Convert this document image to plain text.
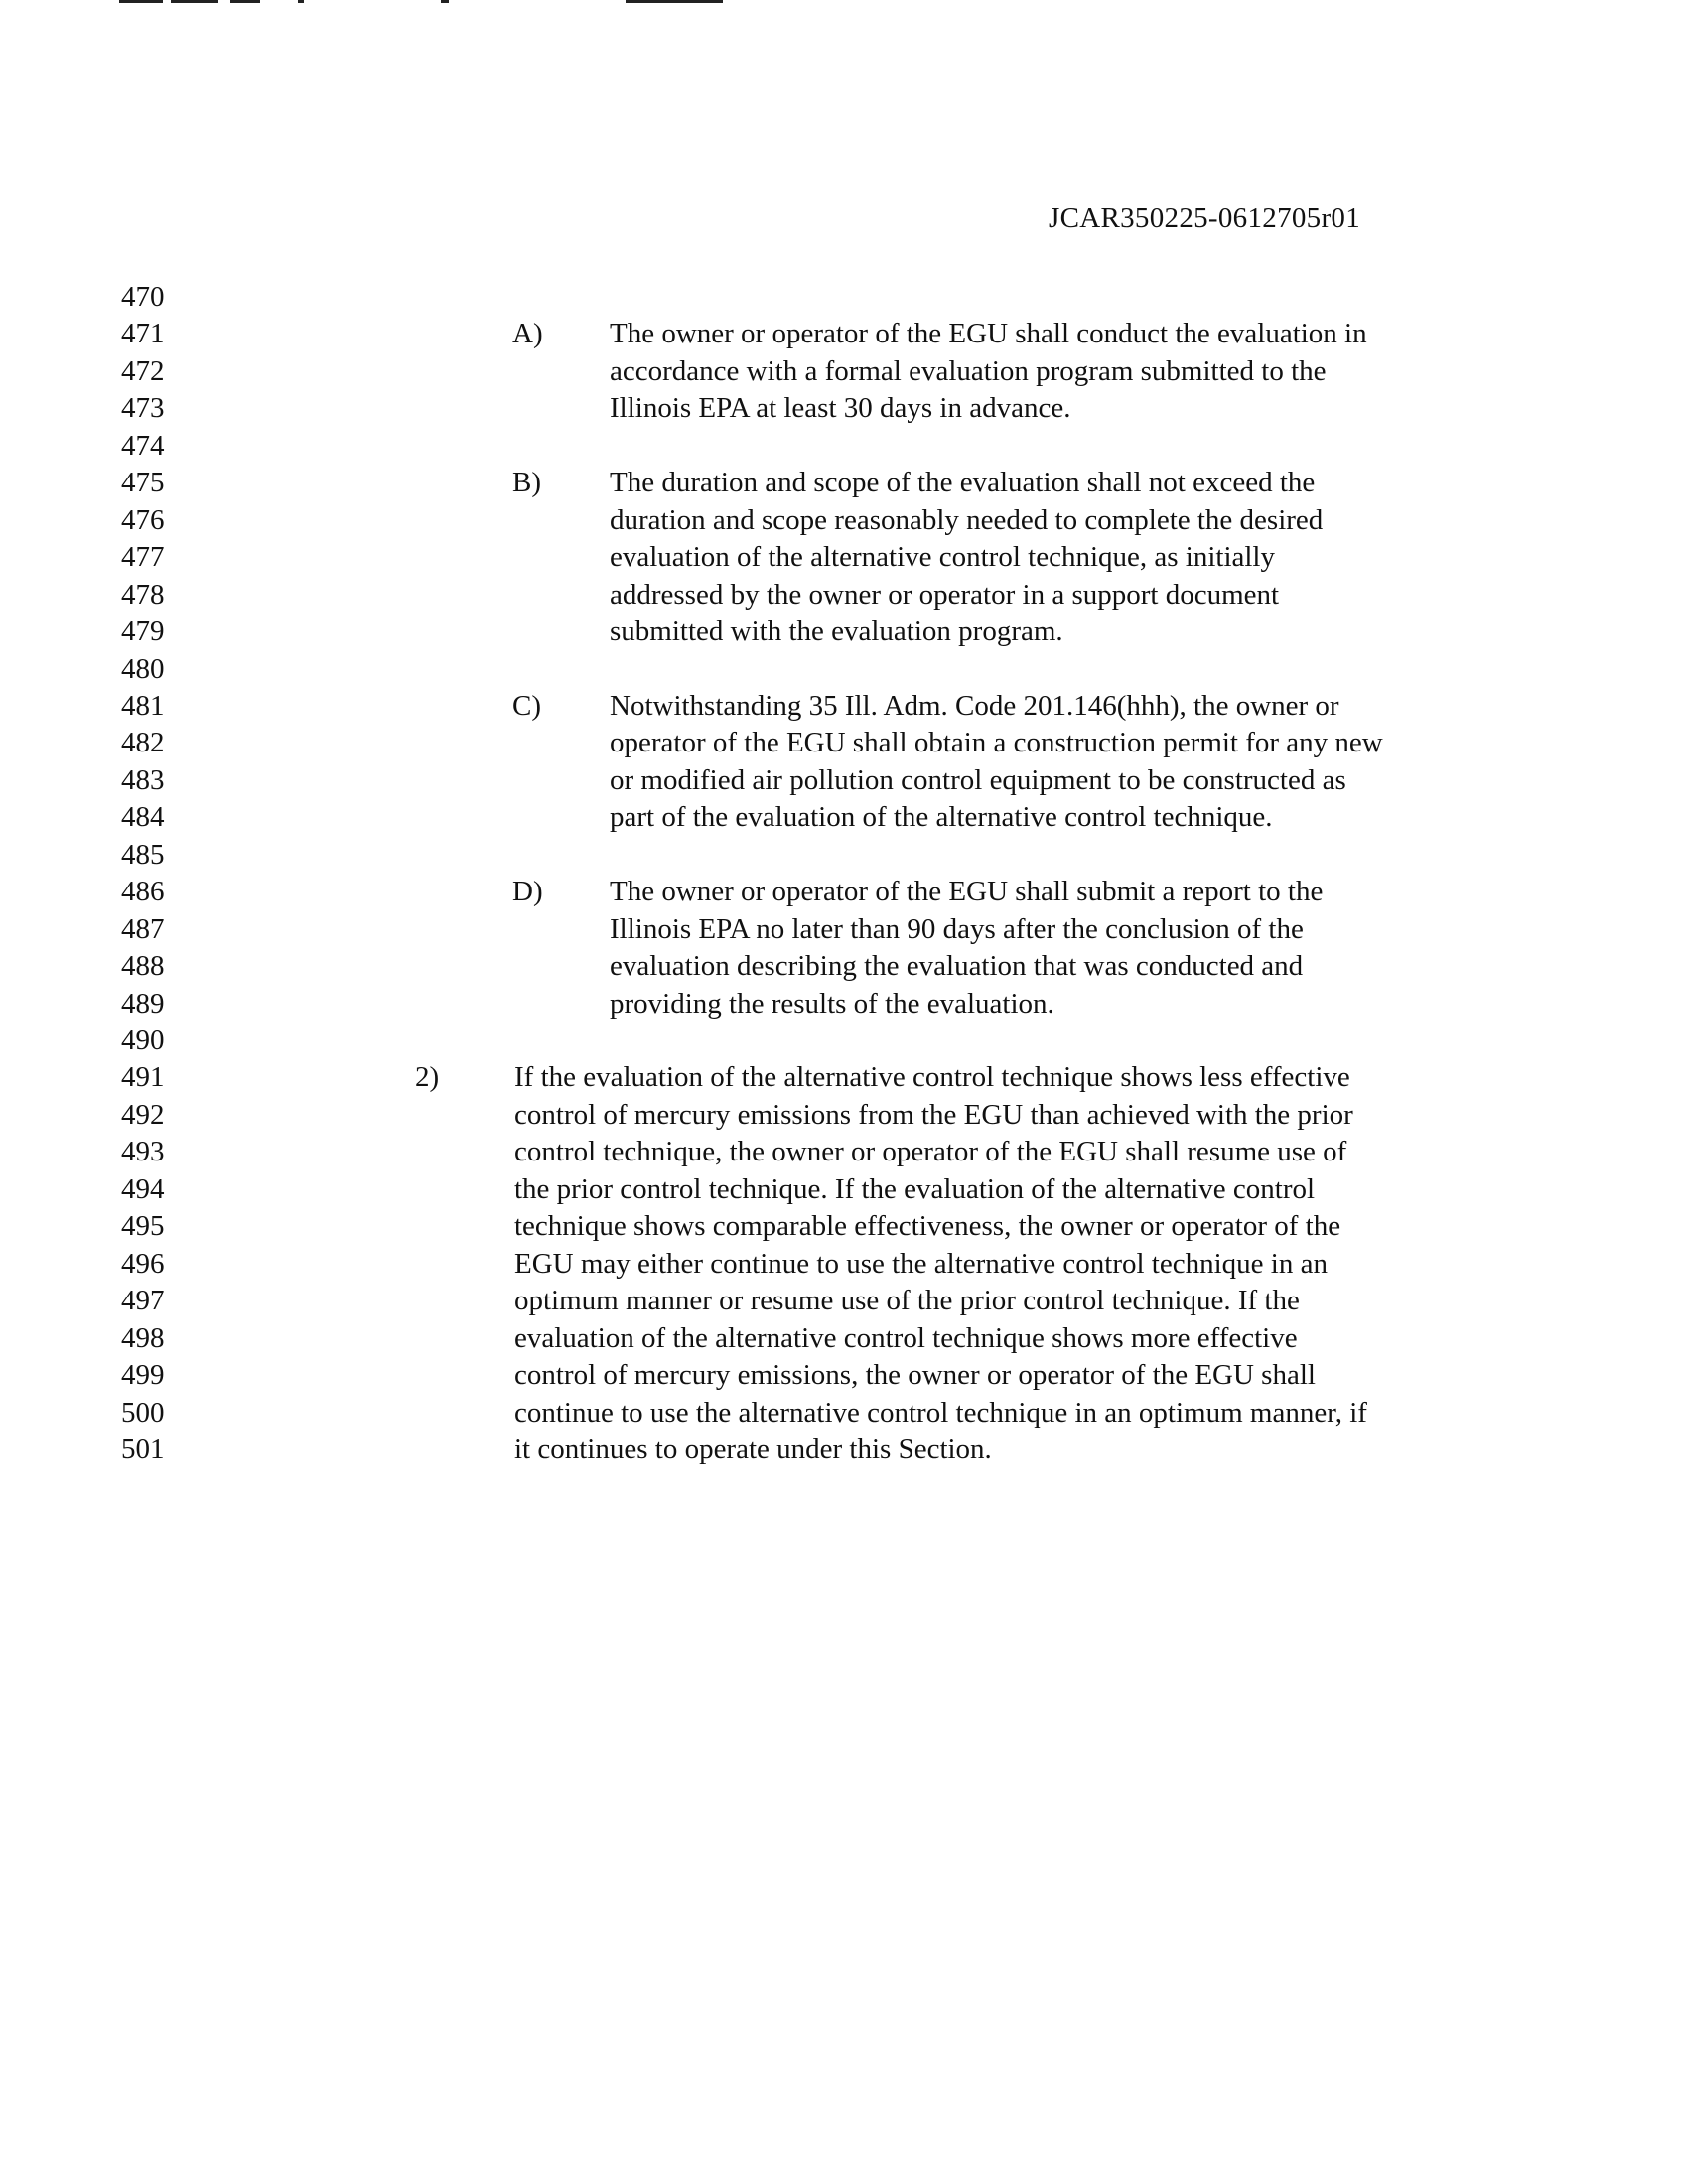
JCAR350225-0612705r01
470
471	A) The owner or operator of the EGU shall conduct the evaluation in
472	accordance with a formal evaluation program submitted to the
473	Illinois EPA at least 30 days in advance.
474
475	B) The duration and scope of the evaluation shall not exceed the
476	duration and scope reasonably needed to complete the desired
477	evaluation of the alternative control technique, as initially
478	addressed by the owner or operator in a support document
479	submitted with the evaluation program.
480
481	C) Notwithstanding 35 Ill. Adm. Code 201.146(hhh), the owner or
482	operator of the EGU shall obtain a construction permit for any new
483	or modified air pollution control equipment to be constructed as
484	part of the evaluation of the alternative control technique.
485
486	D) The owner or operator of the EGU shall submit a report to the
487	Illinois EPA no later than 90 days after the conclusion of the
488	evaluation describing the evaluation that was conducted and
489	providing the results of the evaluation.
490
491	2)	If the evaluation of the alternative control technique shows less effective
492	control of mercury emissions from the EGU than achieved with the prior
493	control technique, the owner or operator of the EGU shall resume use of
494	the prior control technique. If the evaluation of the alternative control
495	technique shows comparable effectiveness, the owner or operator of the
496	EGU may either continue to use the alternative control technique in an
497	optimum manner or resume use of the prior control technique. If the
498	evaluation of the alternative control technique shows more effective
499	control of mercury emissions, the owner or operator of the EGU shall
500	continue to use the alternative control technique in an optimum manner, if
501	it continues to operate under this Section.
